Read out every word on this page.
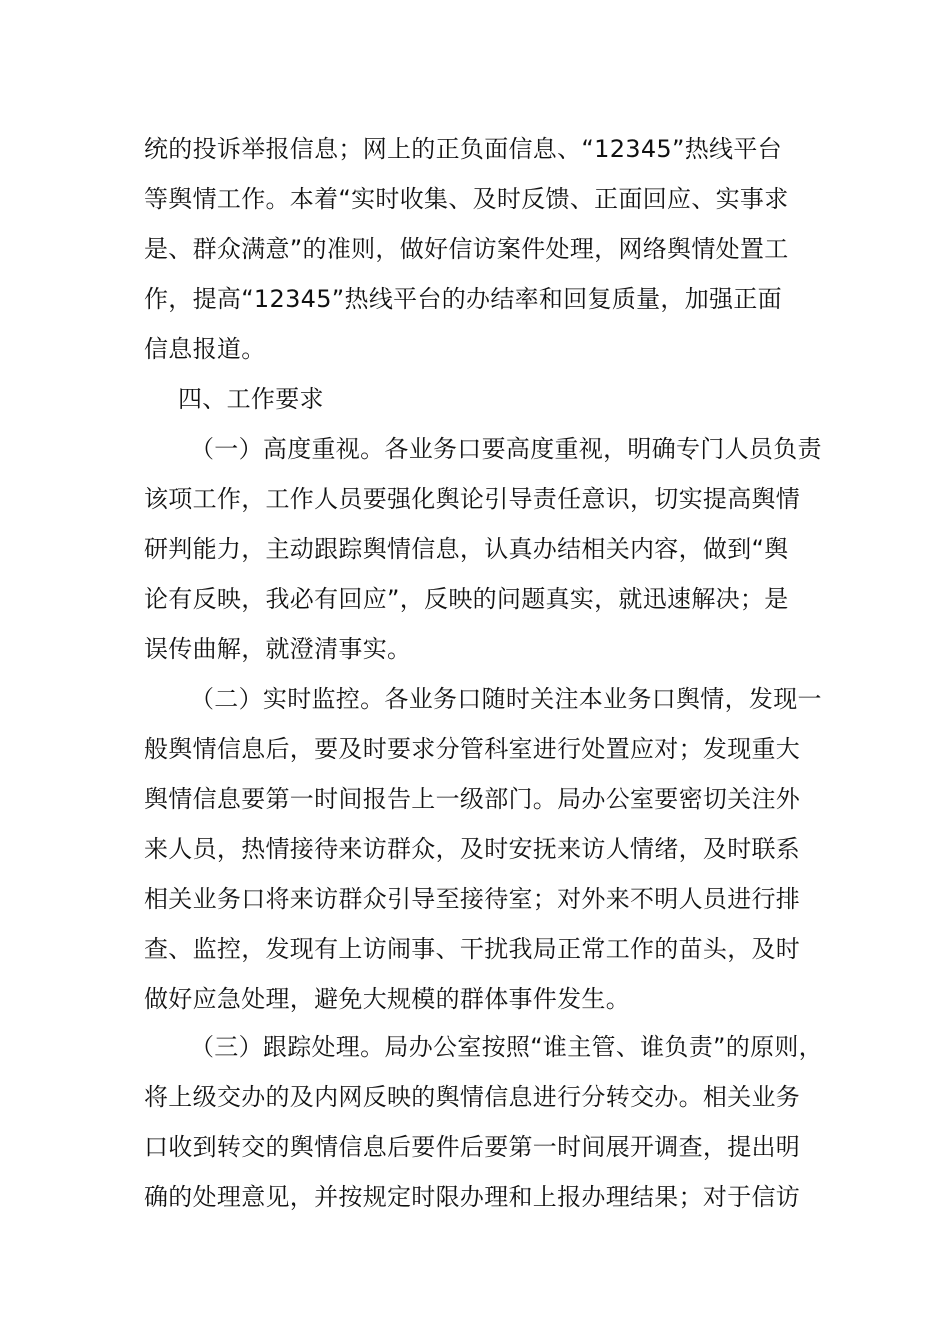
统的投诉举报信息；网上的正负面信息、“12345”热线平台
等舆情工作。本着“实时收集、及时反馈、正面回应、实事求
是、群众满意”的准则，做好信访案件处理，网络舆情处置工
作，提高“12345”热线平台的办结率和回复质量，加强正面
信息报道。
四、工作要求
（一）高度重视。各业务口要高度重视，明确专门人员负责
该项工作，工作人员要强化舆论引导责任意识，切实提高舆情
研判能力，主动跟踪舆情信息，认真办结相关内容，做到“舆
论有反映，我必有回应”，反映的问题真实，就迅速解决；是
误传曲解，就澄清事实。
（二）实时监控。各业务口随时关注本业务口舆情，发现一
般舆情信息后，要及时要求分管科室进行处置应对；发现重大
舆情信息要第一时间报告上一级部门。局办公室要密切关注外
来人员，热情接待来访群众，及时安抚来访人情绪，及时联系
相关业务口将来访群众引导至接待室；对外来不明人员进行排
查、监控，发现有上访闹事、干扰我局正常工作的苗头，及时
做好应急处理，避免大规模的群体事件发生。
（三）跟踪处理。局办公室按照“谁主管、谁负责”的原则，
将上级交办的及内网反映的舆情信息进行分转交办。相关业务
口收到转交的舆情信息后要件后要第一时间展开调查，提出明
确的处理意见，并按规定时限办理和上报办理结果；对于信访
